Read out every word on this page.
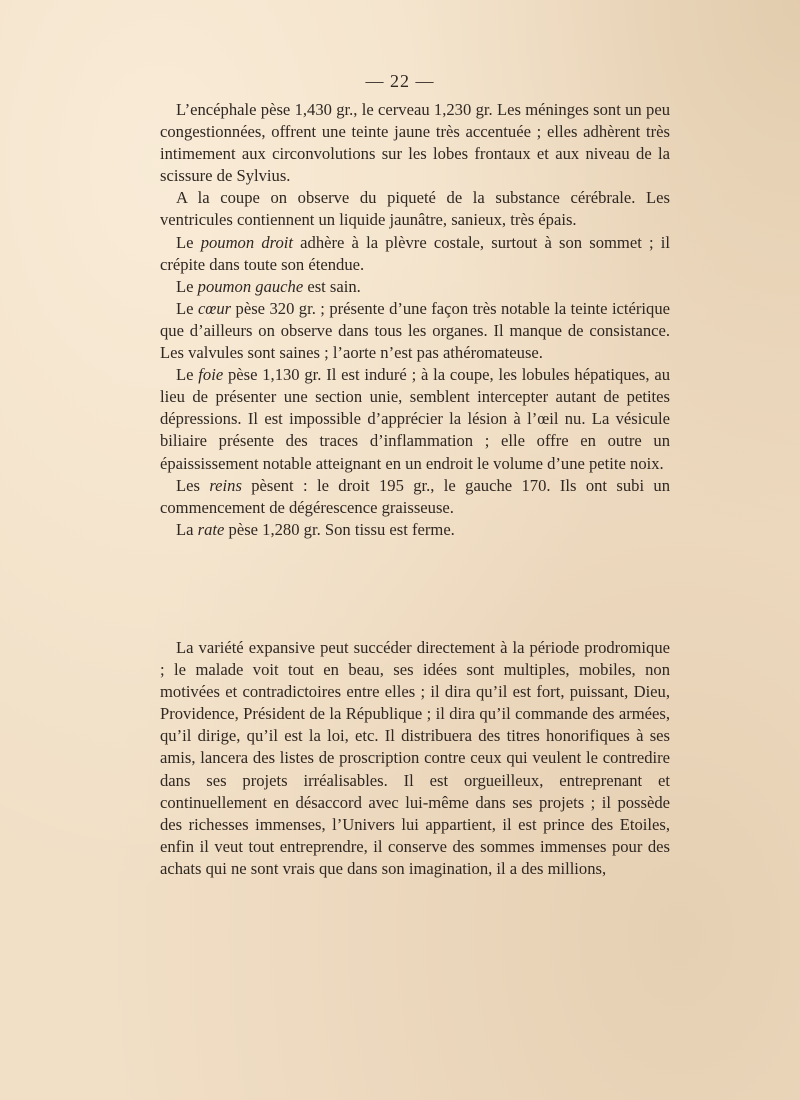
— 22 —

L’encéphale pèse 1,430 gr., le cerveau 1,230 gr. Les méninges sont un peu congestionnées, offrent une teinte jaune très accentuée ; elles adhèrent très intimement aux circonvolutions sur les lobes frontaux et aux niveau de la scissure de Sylvius.

A la coupe on observe du piqueté de la substance cérébrale. Les ventricules contiennent un liquide jaunâtre, sanieux, très épais.

Le poumon droit adhère à la plèvre costale, surtout à son sommet ; il crépite dans toute son étendue.

Le poumon gauche est sain.

Le cœur pèse 320 gr. ; présente d’une façon très notable la teinte ictérique que d’ailleurs on observe dans tous les organes. Il manque de consistance. Les valvules sont saines ; l’aorte n’est pas athéromateuse.

Le foie pèse 1,130 gr. Il est induré ; à la coupe, les lobules hépatiques, au lieu de présenter une section unie, semblent intercepter autant de petites dépressions. Il est impossible d’apprécier la lésion à l’œil nu. La vésicule biliaire présente des traces d’inflammation ; elle offre en outre un épaississement notable atteignant en un endroit le volume d’une petite noix.

Les reins pèsent : le droit 195 gr., le gauche 170. Ils ont subi un commencement de dégérescence graisseuse.

La rate pèse 1,280 gr. Son tissu est ferme.

La variété expansive peut succéder directement à la période prodromique ; le malade voit tout en beau, ses idées sont multiples, mobiles, non motivées et contradictoires entre elles ; il dira qu’il est fort, puissant, Dieu, Providence, Président de la République ; il dira qu’il commande des armées, qu’il dirige, qu’il est la loi, etc. Il distribuera des titres honorifiques à ses amis, lancera des listes de proscription contre ceux qui veulent le contredire dans ses projets irréalisables. Il est orgueilleux, entreprenant et continuellement en désaccord avec lui-même dans ses projets ; il possède des richesses immenses, l’Univers lui appartient, il est prince des Etoiles, enfin il veut tout entreprendre, il conserve des sommes immenses pour des achats qui ne sont vrais que dans son imagination, il a des millions,
